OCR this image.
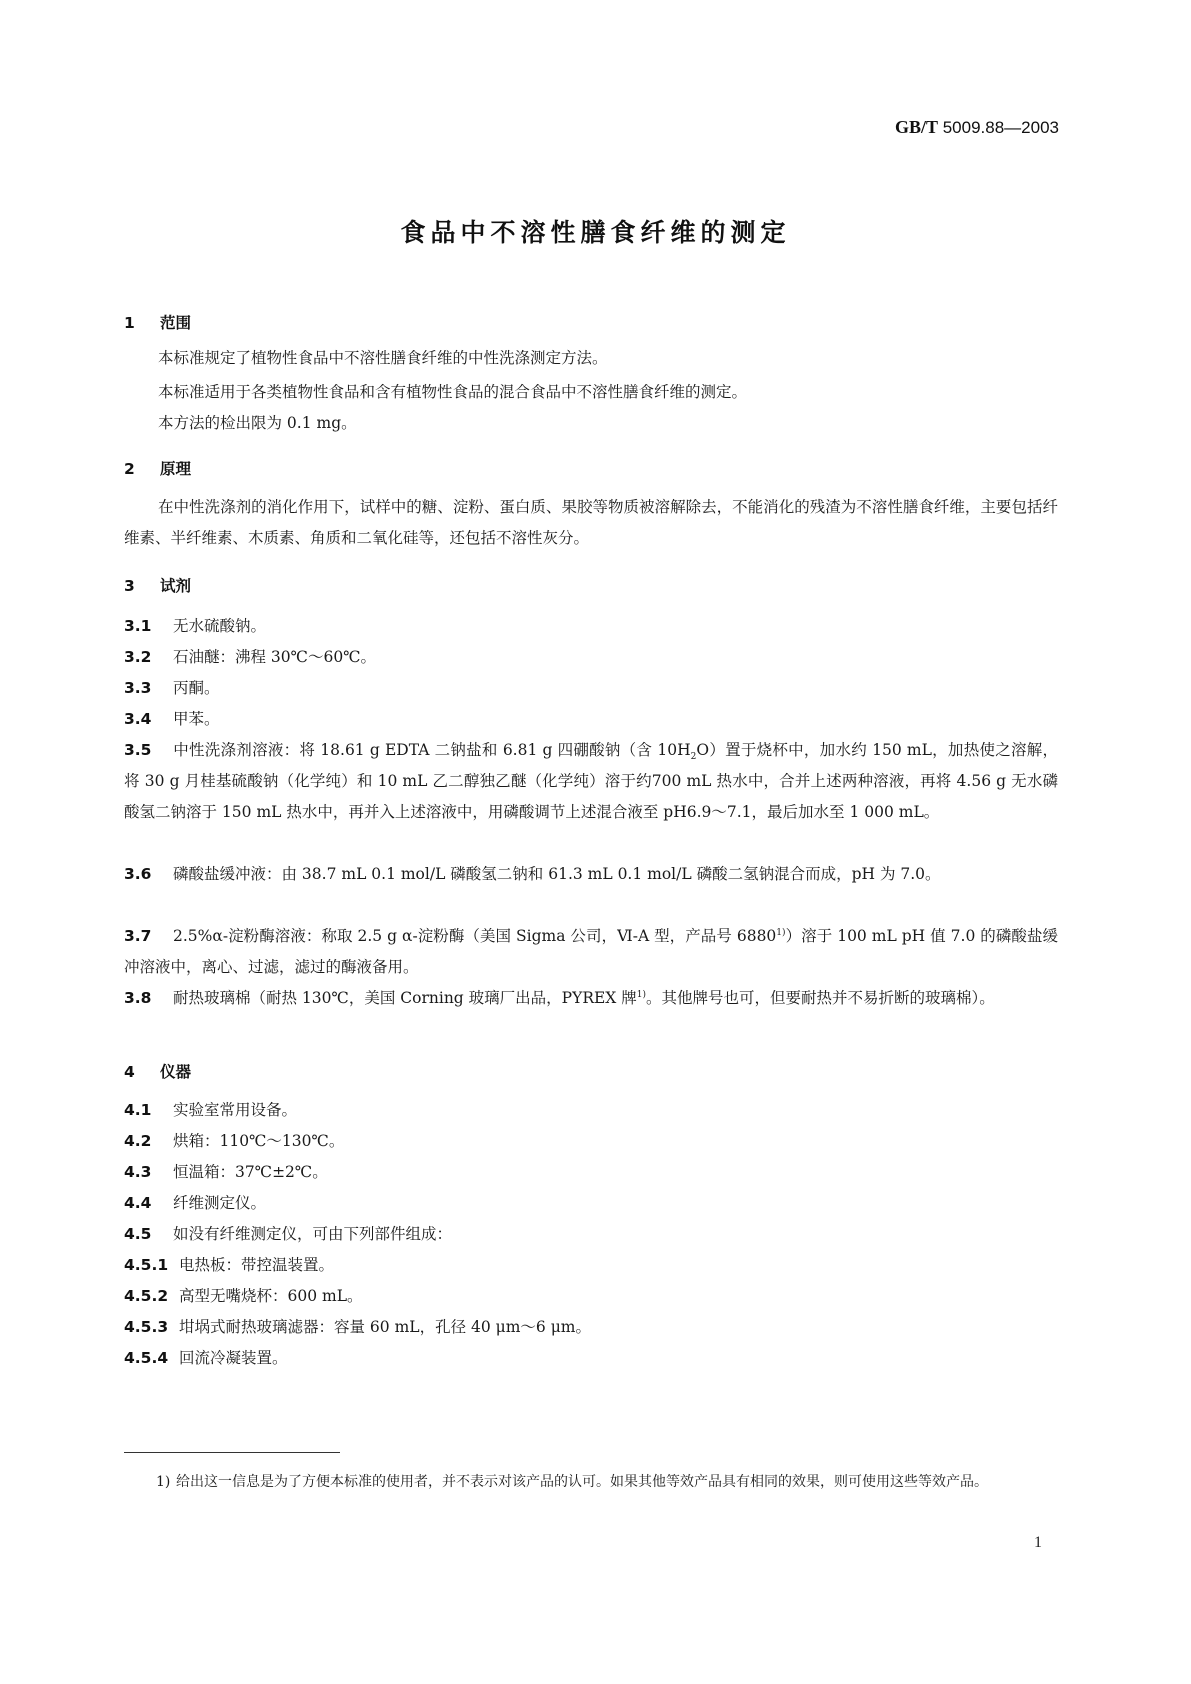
GB/T 5009.88—2003
食品中不溶性膳食纤维的测定
1 范围
本标准规定了植物性食品中不溶性膳食纤维的中性洗涤测定方法。
本标准适用于各类植物性食品和含有植物性食品的混合食品中不溶性膳食纤维的测定。
本方法的检出限为 0.1 mg。
2 原理
在中性洗涤剂的消化作用下，试样中的糖、淀粉、蛋白质、果胶等物质被溶解除去，不能消化的残渣为不溶性膳食纤维，主要包括纤维素、半纤维素、木质素、角质和二氧化硅等，还包括不溶性灰分。
3 试剂
3.1 无水硫酸钠。
3.2 石油醚：沸程 30℃～60℃。
3.3 丙酮。
3.4 甲苯。
3.5 中性洗涤剂溶液：将 18.61 g EDTA 二钠盐和 6.81 g 四硼酸钠（含 $10H_2O$）置于烧杯中，加水约 150 mL，加热使之溶解，将 30 g 月桂基硫酸钠（化学纯）和 10 mL 乙二醇独乙醚（化学纯）溶于约700 mL 热水中，合并上述两种溶液，再将 4.56 g 无水磷酸氢二钠溶于 150 mL 热水中，再并入上述溶液中，用磷酸调节上述混合液至 pH6.9～7.1，最后加水至 1 000 mL。
3.6 磷酸盐缓冲液：由 38.7 mL 0.1 mol/L 磷酸氢二钠和 61.3 mL 0.1 mol/L 磷酸二氢钠混合而成，pH 为 7.0。
3.7 2.5%α-淀粉酶溶液：称取 2.5 g α-淀粉酶（美国 Sigma 公司，Ⅵ-A 型，产品号 6880$^{1)}$）溶于 100 mL pH 值 7.0 的磷酸盐缓冲溶液中，离心、过滤，滤过的酶液备用。
3.8 耐热玻璃棉（耐热 130℃，美国 Corning 玻璃厂出品，PYREX 牌$^{1)}$。其他牌号也可，但要耐热并不易折断的玻璃棉）。
4 仪器
4.1 实验室常用设备。
4.2 烘箱：110℃～130℃。
4.3 恒温箱：37℃±2℃。
4.4 纤维测定仪。
4.5 如没有纤维测定仪，可由下列部件组成：
4.5.1 电热板：带控温装置。
4.5.2 高型无嘴烧杯：600 mL。
4.5.3 坩埚式耐热玻璃滤器：容量 60 mL，孔径 40 μm～6 μm。
4.5.4 回流冷凝装置。
1) 给出这一信息是为了方便本标准的使用者，并不表示对该产品的认可。如果其他等效产品具有相同的效果，则可使用这些等效产品。
1
